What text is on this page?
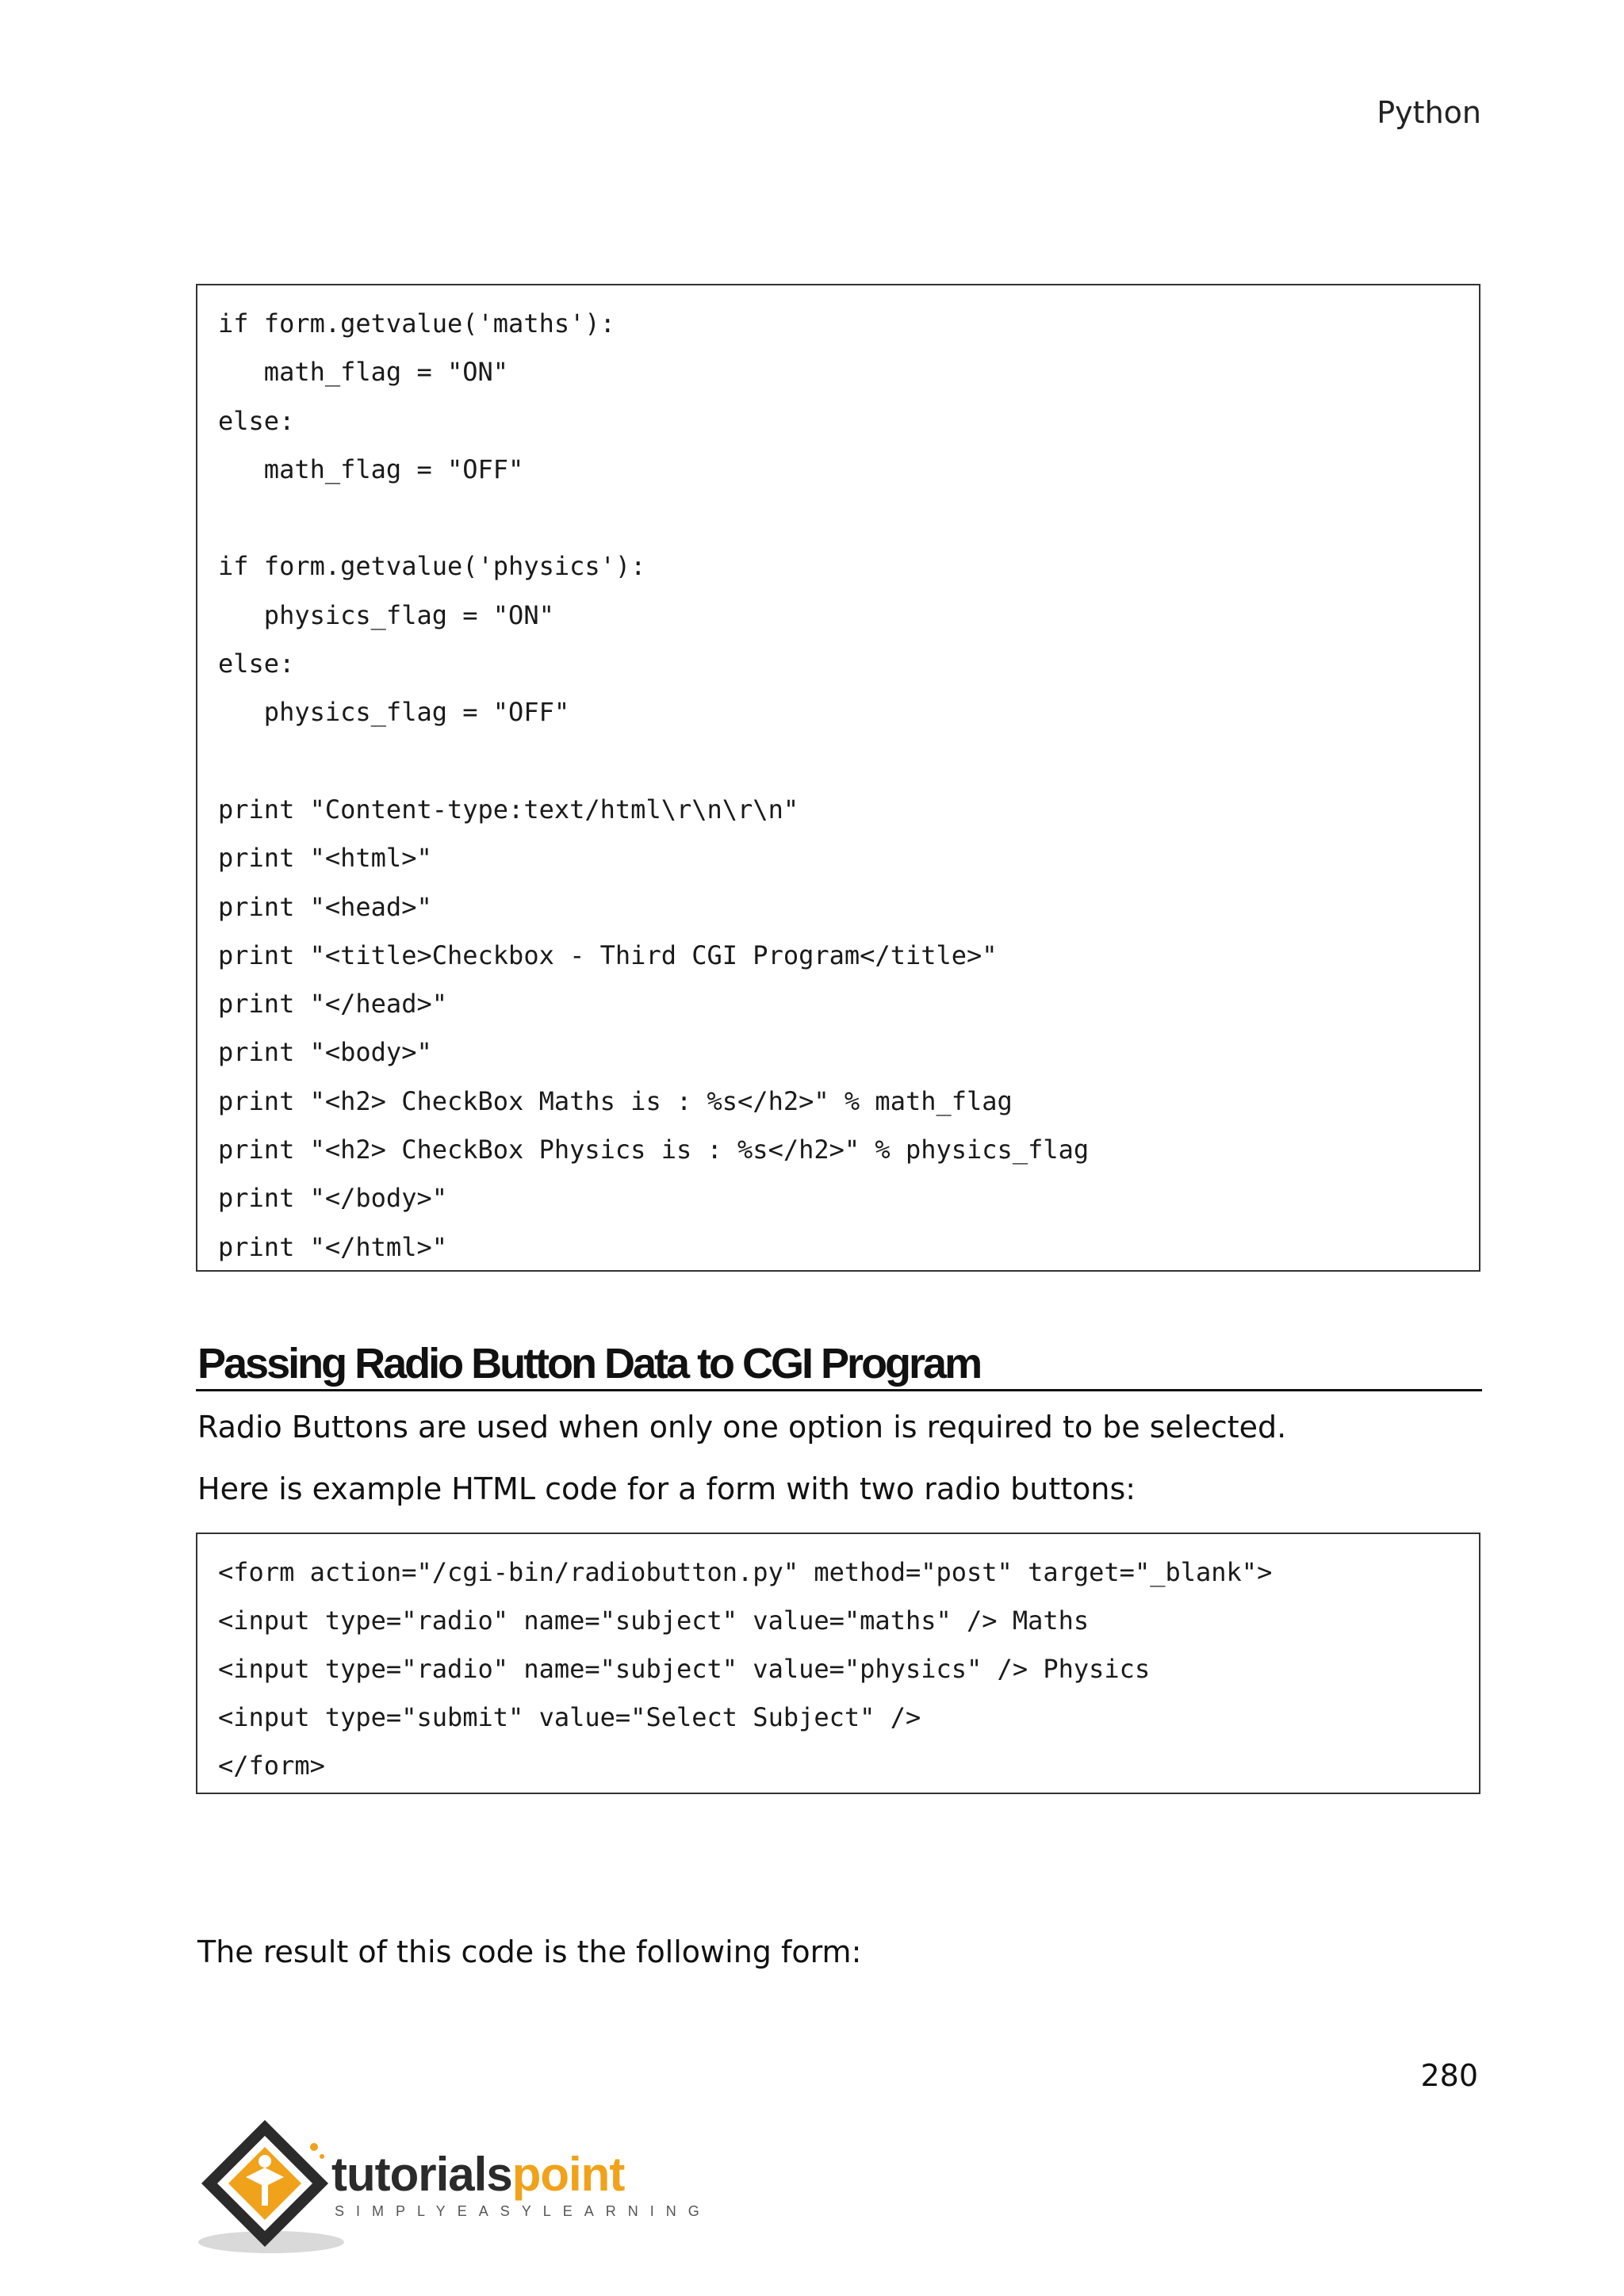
Python
if form.getvalue('maths'):
math_flag = "ON"
else:
math_flag = "OFF"
if form.getvalue('physics'):
physics_flag = "ON"
else:
physics_flag = "OFF"
print "Content-type:text/html\r\n\r\n"
print "<html>"
print "<head>"
print "<title>Checkbox - Third CGI Program</title>"
print "</head>"
print "<body>"
print "<h2> CheckBox Maths is : %s</h2>" % math_flag
print "<h2> CheckBox Physics is : %s</h2>" % physics_flag
print "</body>"
print "</html>"
Passing Radio Button Data to CGI Program
Radio Buttons are used when only one option is required to be selected.
Here is example HTML code for a form with two radio buttons:
<form action="/cgi-bin/radiobutton.py" method="post" target="_blank">
<input type="radio" name="subject" value="maths" /> Maths
<input type="radio" name="subject" value="physics" /> Physics
<input type="submit" value="Select Subject" />
</form>
The result of this code is the following form:
280
tutorialspoint
SIMPLYEASYLEARNING
